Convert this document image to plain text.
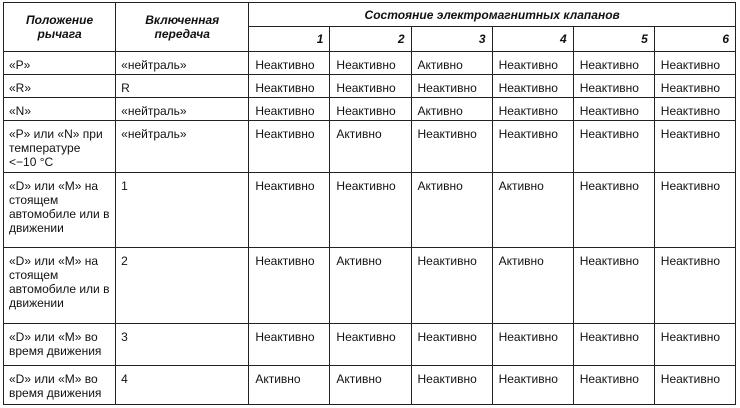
Положение рычага	Включенная передача	Состояние электромагнитных клапанов					
		1	2	3	4	5	6
«P»	«нейтраль»	Неактивно	Неактивно	Активно	Неактивно	Неактивно	Неактивно
«R»	R	Неактивно	Неактивно	Неактивно	Неактивно	Неактивно	Неактивно
«N»	«нейтраль»	Неактивно	Неактивно	Активно	Неактивно	Неактивно	Неактивно
«P» или «N» при температуре <−10 °С	«нейтраль»	Неактивно	Активно	Неактивно	Неактивно	Неактивно	Неактивно
«D» или «M» на стоящем автомобиле или в движении	1	Неактивно	Неактивно	Активно	Активно	Неактивно	Неактивно
«D» или «M» на стоящем автомобиле или в движении	2	Неактивно	Активно	Неактивно	Активно	Неактивно	Неактивно
«D» или «M» во время движения	3	Неактивно	Неактивно	Неактивно	Неактивно	Неактивно	Неактивно
«D» или «M» во время движения	4	Активно	Активно	Неактивно	Неактивно	Неактивно	Неактивно
